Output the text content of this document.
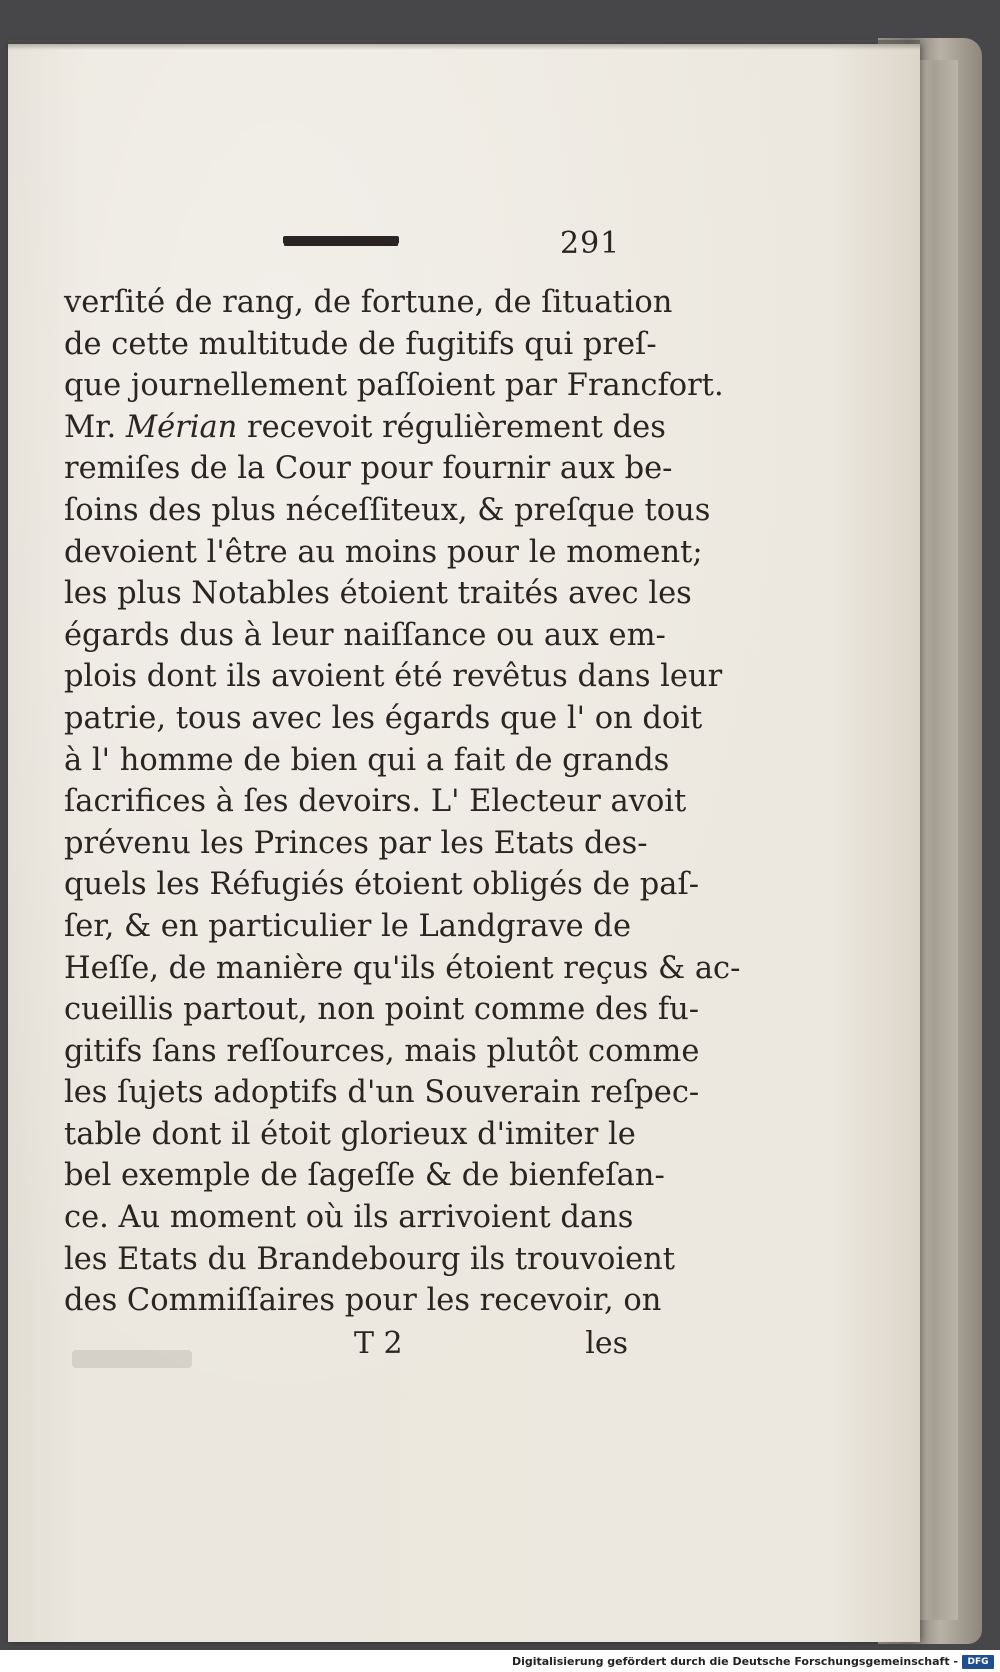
291
verſité de rang, de fortune, de ſituation
de cette multitude de fugitifs qui preſ-
que journellement paſſoient par Francfort.
Mr. Mérian recevoit régulièrement des
remiſes de la Cour pour fournir aux be-
ſoins des plus néceſſiteux, & preſque tous
devoient l'être au moins pour le moment;
les plus Notables étoient traités avec les
égards dus à leur naiſſance ou aux em-
plois dont ils avoient été revêtus dans leur
patrie, tous avec les égards que l' on doit
à l' homme de bien qui a fait de grands
ſacrifices à ſes devoirs. L' Electeur avoit
prévenu les Princes par les Etats des-
quels les Réfugiés étoient obligés de paſ-
ſer, & en particulier le Landgrave de
Heſſe, de manière qu'ils étoient reçus & ac-
cueillis partout, non point comme des fu-
gitifs ſans reſſources, mais plutôt comme
les ſujets adoptifs d'un Souverain reſpec-
table dont il étoit glorieux d'imiter le
bel exemple de ſageſſe & de bienfeſan-
ce. Au moment où ils arrivoient dans
les Etats du Brandebourg ils trouvoient
des Commiſſaires pour les recevoir, on
T 2	les
Digitalisierung gefördert durch die Deutsche Forschungsgemeinschaft -	DFG
